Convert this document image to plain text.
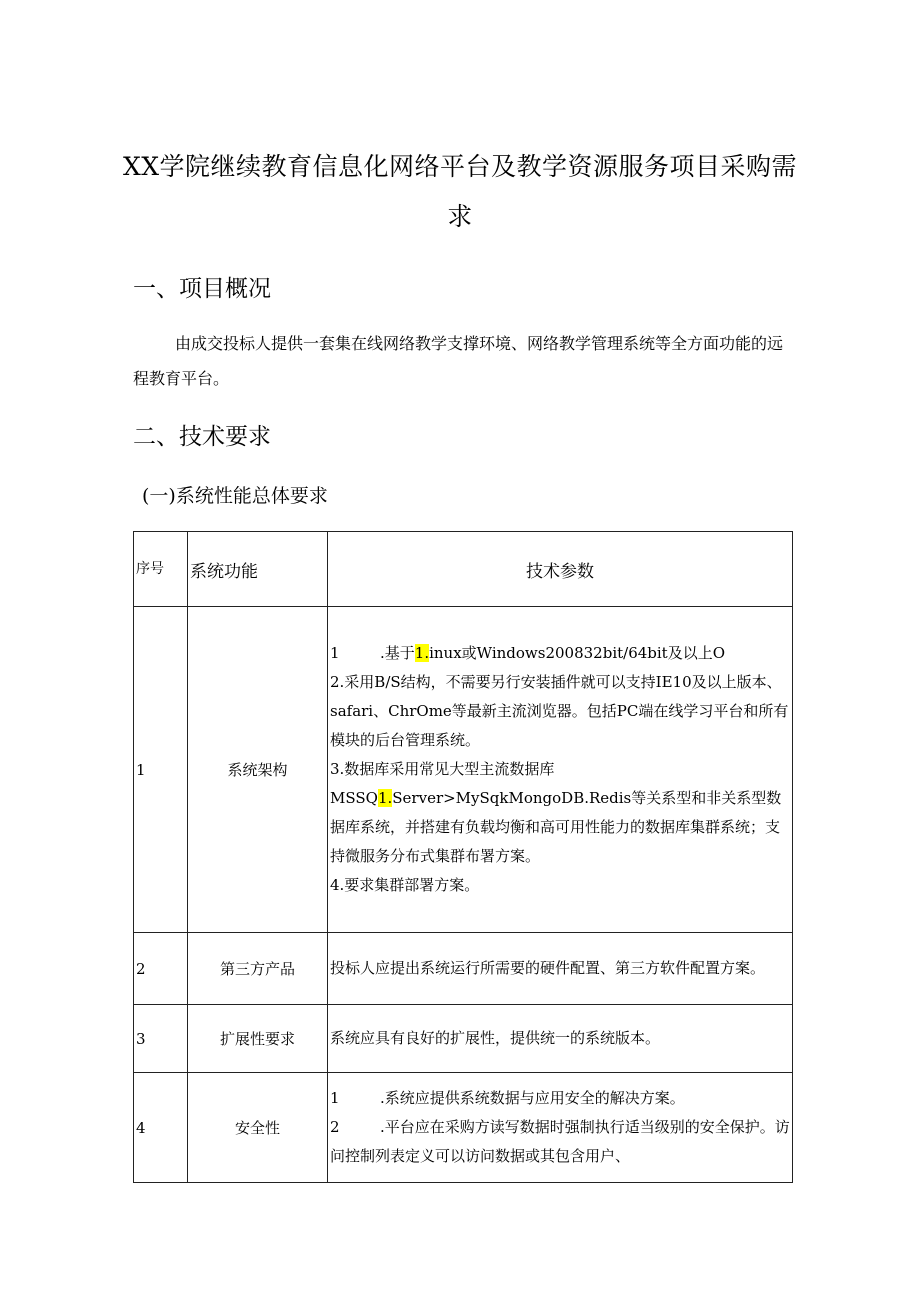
XX学院继续教育信息化网络平台及教学资源服务项目采购需求
一、项目概况
由成交投标人提供一套集在线网络教学支撑环境、网络教学管理系统等全方面功能的远程教育平台。
二、技术要求
(一)系统性能总体要求
序号	系统功能	技术参数
1	系统架构	1 .基于1.inux或Windows200832bit/64bit及以上O
2.采用B/S结构，不需要另行安装插件就可以支持IE10及以上版本、safari、ChrOme等最新主流浏览器。包括PC端在线学习平台和所有模块的后台管理系统。
3.数据库采用常见大型主流数据库
MSSQ1.Server>MySqkMongoDB.Redis等关系型和非关系型数据库系统，并搭建有负载均衡和高可用性能力的数据库集群系统；支持微服务分布式集群布署方案。
4.要求集群部署方案。

2	第三方产品	投标人应提出系统运行所需要的硬件配置、第三方软件配置方案。
3	扩展性要求	系统应具有良好的扩展性，提供统一的系统版本。
4	安全性	1 .系统应提供系统数据与应用安全的解决方案。
2 .平台应在采购方读写数据时强制执行适当级别的安全保护。访问控制列表定义可以访问数据或其包含用户、
